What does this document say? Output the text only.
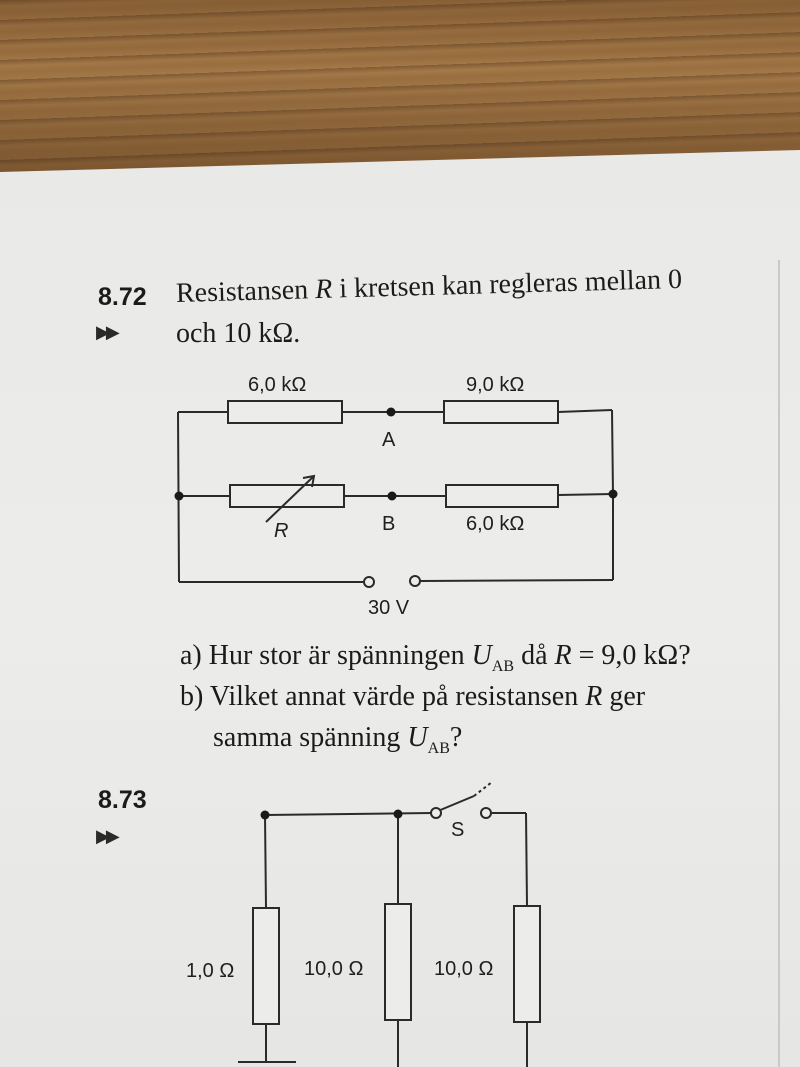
8.72
▶▶
Resistansen R i kretsen kan regleras mellan 0
och 10 kΩ.
6,0 kΩ	9,0 kΩ
A
B
R	6,0 kΩ
30 V
a) Hur stor är spänningen $U_{AB}$ då R = 9,0 kΩ?
b) Vilket annat värde på resistansen R ger
samma spänning $U_{AB}$?
8.73
▶▶	S
1,0 Ω	10,0 Ω	10,0 Ω
